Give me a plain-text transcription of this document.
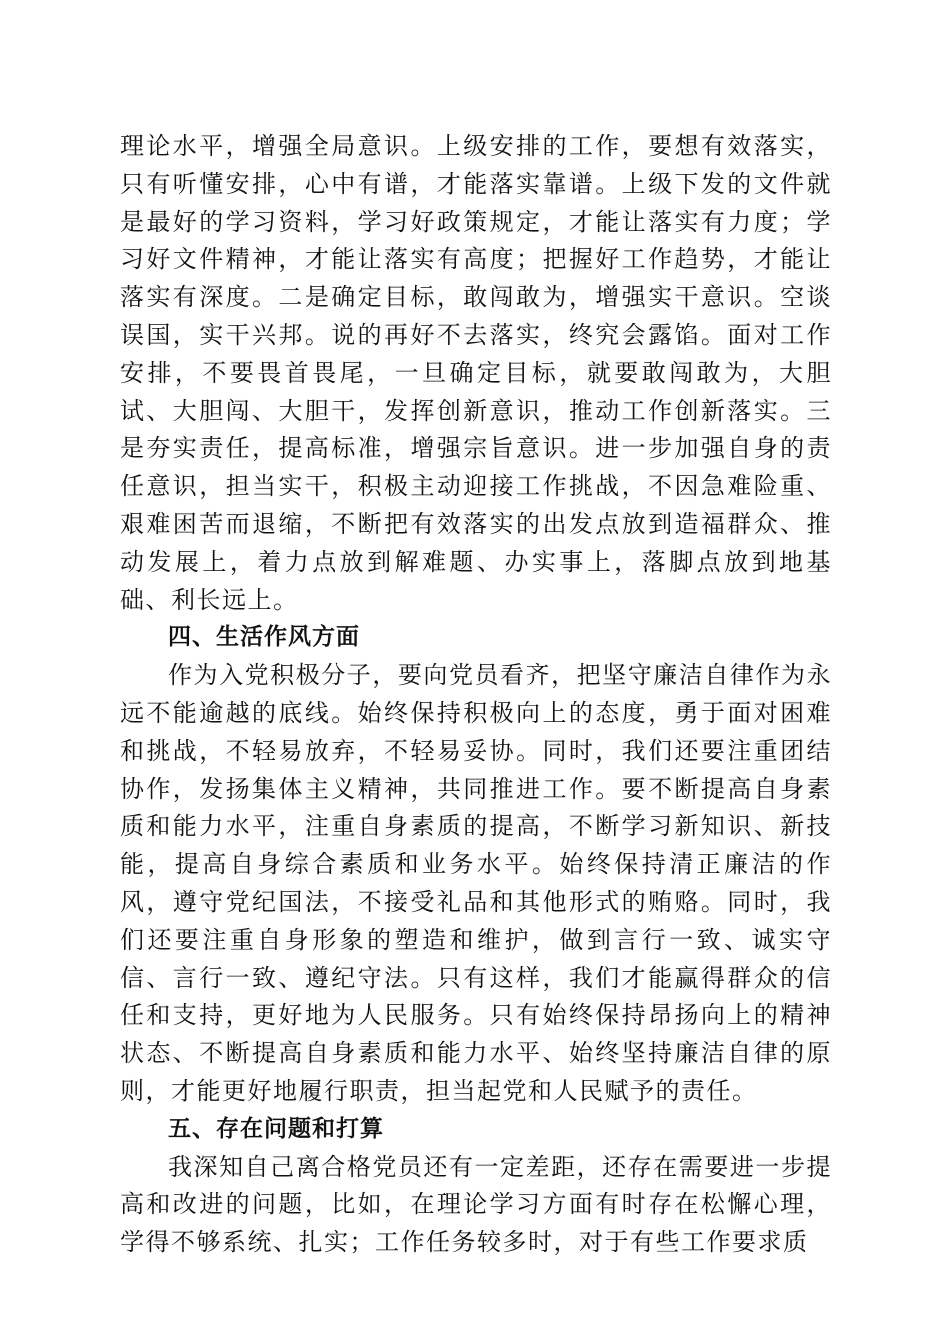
理论水平，增强全局意识。上级安排的工作，要想有效落实，只有听懂安排，心中有谱，才能落实靠谱。上级下发的文件就是最好的学习资料，学习好政策规定，才能让落实有力度；学习好文件精神，才能让落实有高度；把握好工作趋势，才能让落实有深度。二是确定目标，敢闯敢为，增强实干意识。空谈误国，实干兴邦。说的再好不去落实，终究会露馅。面对工作安排，不要畏首畏尾，一旦确定目标，就要敢闯敢为，大胆试、大胆闯、大胆干，发挥创新意识，推动工作创新落实。三是夯实责任，提高标准，增强宗旨意识。进一步加强自身的责任意识，担当实干，积极主动迎接工作挑战，不因急难险重、艰难困苦而退缩，不断把有效落实的出发点放到造福群众、推动发展上，着力点放到解难题、办实事上，落脚点放到地基础、利长远上。

四、生活作风方面

作为入党积极分子，要向党员看齐，把坚守廉洁自律作为永远不能逾越的底线。始终保持积极向上的态度，勇于面对困难和挑战，不轻易放弃，不轻易妥协。同时，我们还要注重团结协作，发扬集体主义精神，共同推进工作。要不断提高自身素质和能力水平，注重自身素质的提高，不断学习新知识、新技能，提高自身综合素质和业务水平。始终保持清正廉洁的作风，遵守党纪国法，不接受礼品和其他形式的贿赂。同时，我们还要注重自身形象的塑造和维护，做到言行一致、诚实守信、言行一致、遵纪守法。只有这样，我们才能赢得群众的信任和支持，更好地为人民服务。只有始终保持昂扬向上的精神状态、不断提高自身素质和能力水平、始终坚持廉洁自律的原则，才能更好地履行职责，担当起党和人民赋予的责任。

五、存在问题和打算

我深知自己离合格党员还有一定差距，还存在需要进一步提高和改进的问题，比如，在理论学习方面有时存在松懈心理，学得不够系统、扎实；工作任务较多时，对于有些工作要求质
